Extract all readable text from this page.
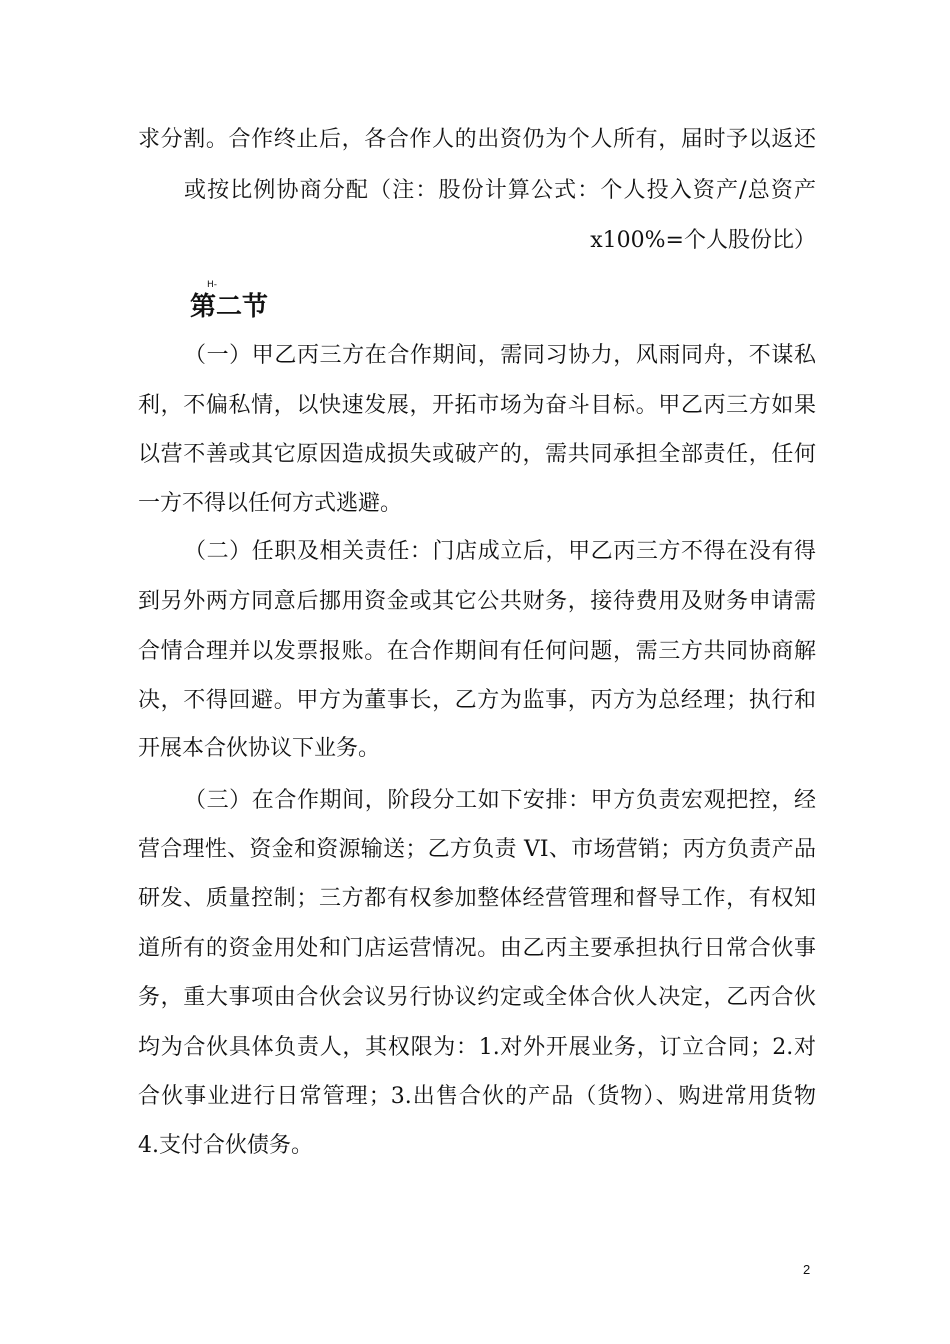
求分割。合作终止后，各合作人的出资仍为个人所有，届时予以返还
或按比例协商分配（注：股份计算公式：个人投入资产/总资产
x100%=个人股份比）
H-
第二节
（一）甲乙丙三方在合作期间，需同习协力，风雨同舟，不谋私
利，不偏私情，以快速发展，开拓市场为奋斗目标。甲乙丙三方如果
以营不善或其它原因造成损失或破产的，需共同承担全部责任，任何
一方不得以任何方式逃避。
（二）任职及相关责任：门店成立后，甲乙丙三方不得在没有得
到另外两方同意后挪用资金或其它公共财务，接待费用及财务申请需
合情合理并以发票报账。在合作期间有任何问题，需三方共同协商解
决，不得回避。甲方为董事长，乙方为监事，丙方为总经理；执行和
开展本合伙协议下业务。
（三）在合作期间，阶段分工如下安排：甲方负责宏观把控，经
营合理性、资金和资源输送；乙方负责 VI、市场营销；丙方负责产品
研发、质量控制；三方都有权参加整体经营管理和督导工作，有权知
道所有的资金用处和门店运营情况。由乙丙主要承担执行日常合伙事
务，重大事项由合伙会议另行协议约定或全体合伙人决定，乙丙合伙
均为合伙具体负责人，其权限为：1.对外开展业务，订立合同；2.对
合伙事业进行日常管理；3.出售合伙的产品（货物）、购进常用货物
4.支付合伙债务。
2
